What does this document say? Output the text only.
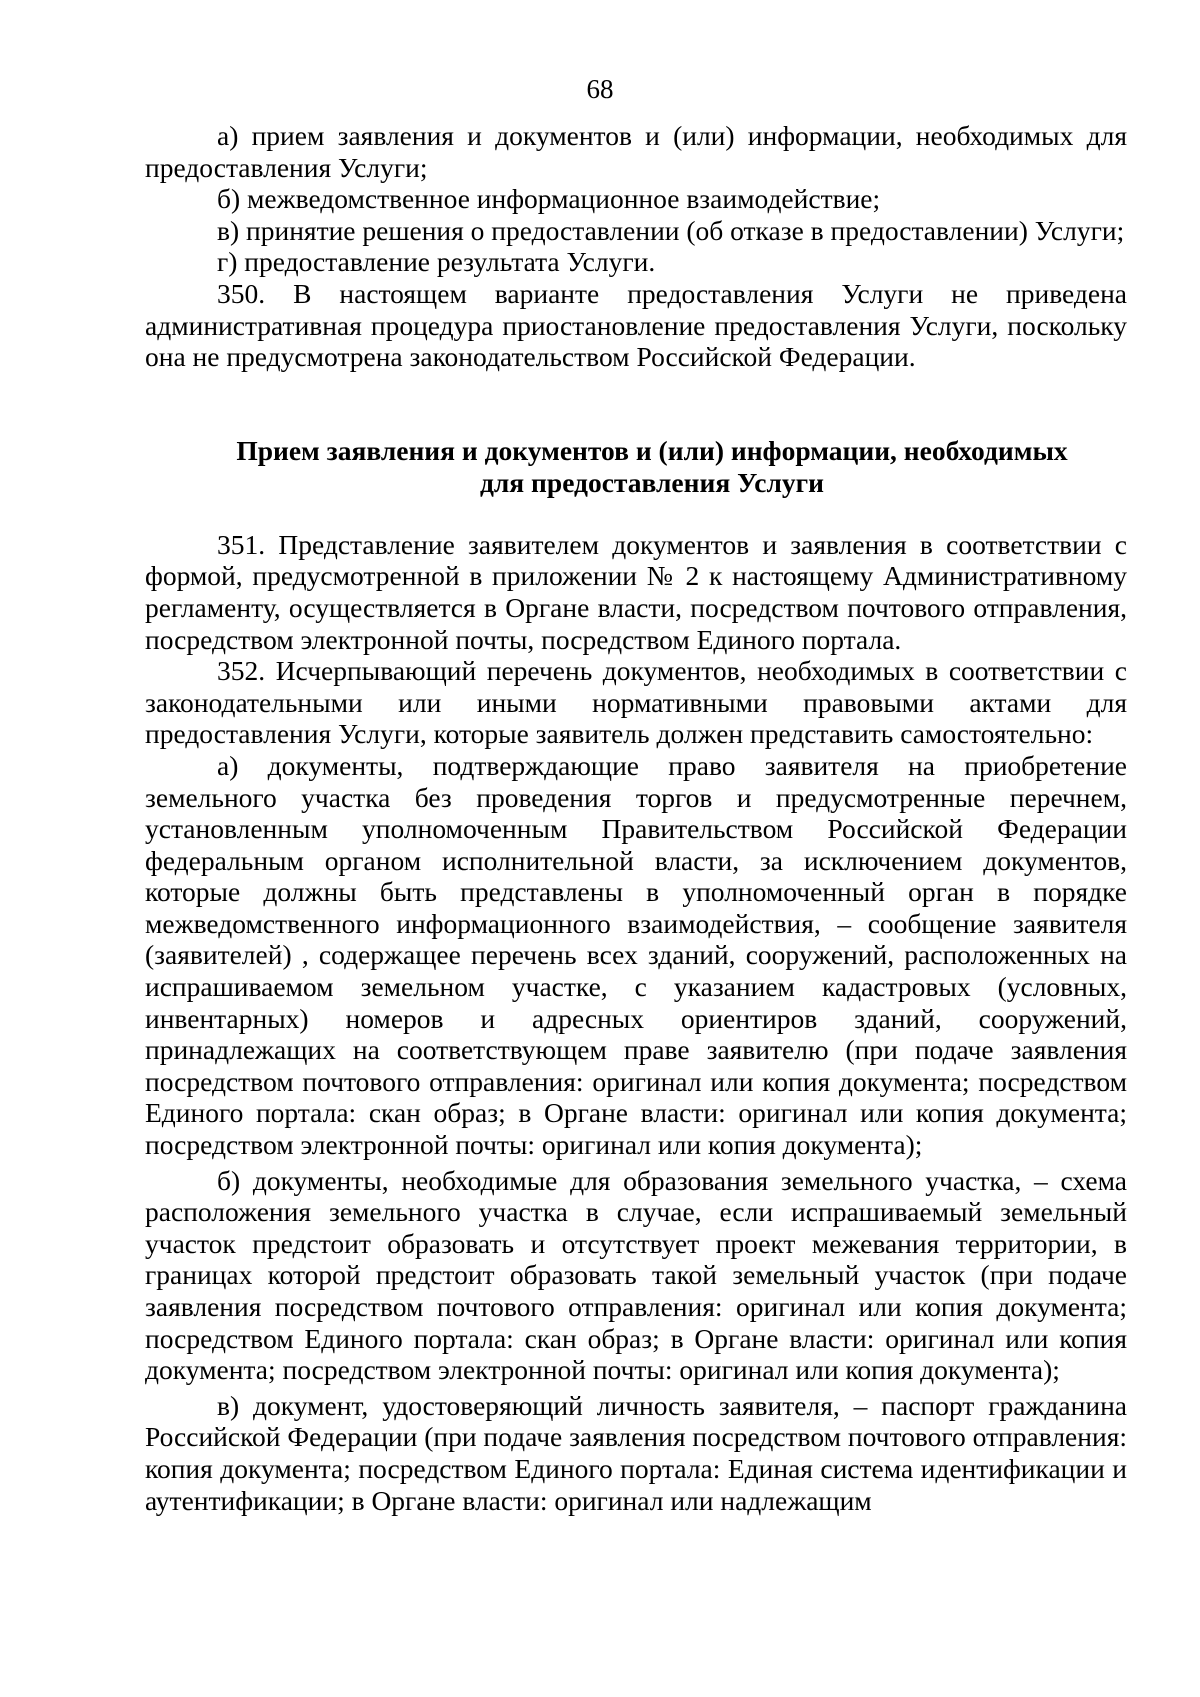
68

а) прием заявления и документов и (или) информации, необходимых для предоставления Услуги;

б) межведомственное информационное взаимодействие;

в) принятие решения о предоставлении (об отказе в предоставлении) Услуги;

г) предоставление результата Услуги.

350. В настоящем варианте предоставления Услуги не приведена административная процедура приостановление предоставления Услуги, поскольку она не предусмотрена законодательством Российской Федерации.

Прием заявления и документов и (или) информации, необходимых
для предоставления Услуги

351. Представление заявителем документов и заявления в соответствии с формой, предусмотренной в приложении № 2 к настоящему Административному регламенту, осуществляется в Органе власти, посредством почтового отправления, посредством электронной почты, посредством Единого портала.

352. Исчерпывающий перечень документов, необходимых в соответствии с законодательными или иными нормативными правовыми актами для предоставления Услуги, которые заявитель должен представить самостоятельно:

а) документы, подтверждающие право заявителя на приобретение земельного участка без проведения торгов и предусмотренные перечнем, установленным уполномоченным Правительством Российской Федерации федеральным органом исполнительной власти, за исключением документов, которые должны быть представлены в уполномоченный орган в порядке межведомственного информационного взаимодействия, – сообщение заявителя (заявителей) , содержащее перечень всех зданий, сооружений, расположенных на испрашиваемом земельном участке, с указанием кадастровых (условных, инвентарных) номеров и адресных ориентиров зданий, сооружений, принадлежащих на соответствующем праве заявителю (при подаче заявления посредством почтового отправления: оригинал или копия документа; посредством Единого портала: скан образ; в Органе власти: оригинал или копия документа; посредством электронной почты: оригинал или копия документа);

б) документы, необходимые для образования земельного участка, – схема расположения земельного участка в случае, если испрашиваемый земельный участок предстоит образовать и отсутствует проект межевания территории, в границах которой предстоит образовать такой земельный участок (при подаче заявления посредством почтового отправления: оригинал или копия документа; посредством Единого портала: скан образ; в Органе власти: оригинал или копия документа; посредством электронной почты: оригинал или копия документа);

в) документ, удостоверяющий личность заявителя, – паспорт гражданина Российской Федерации (при подаче заявления посредством почтового отправления: копия документа; посредством Единого портала: Единая система идентификации и аутентификации; в Органе власти: оригинал или надлежащим
